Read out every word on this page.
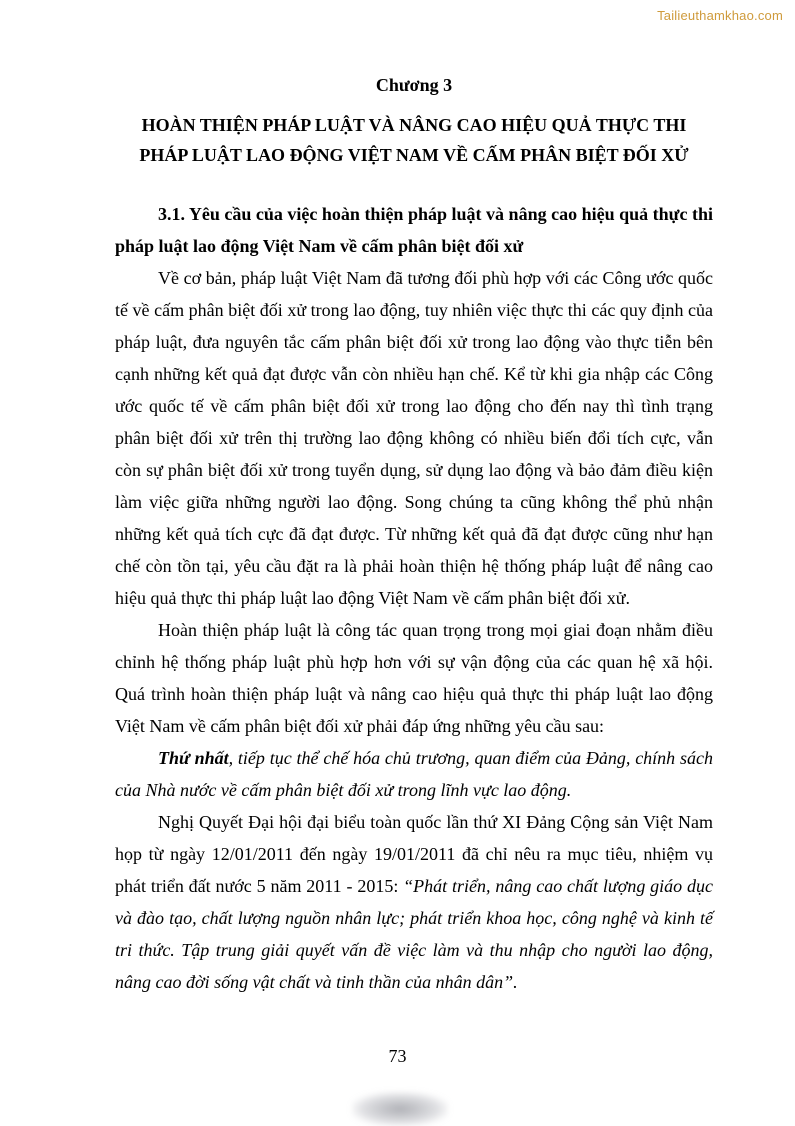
Tailieuthamkhao.com
Chương 3
HOÀN THIỆN PHÁP LUẬT VÀ NÂNG CAO HIỆU QUẢ THỰC THI
PHÁP LUẬT LAO ĐỘNG VIỆT NAM VỀ CẤM PHÂN BIỆT ĐỐI XỬ

3.1. Yêu cầu của việc hoàn thiện pháp luật và nâng cao hiệu quả thực thi pháp luật lao động Việt Nam về cấm phân biệt đối xử

Về cơ bản, pháp luật Việt Nam đã tương đối phù hợp với các Công ước quốc tế về cấm phân biệt đối xử trong lao động, tuy nhiên việc thực thi các quy định của pháp luật, đưa nguyên tắc cấm phân biệt đối xử trong lao động vào thực tiễn bên cạnh những kết quả đạt được vẫn còn nhiều hạn chế. Kể từ khi gia nhập các Công ước quốc tế về cấm phân biệt đối xử trong lao động cho đến nay thì tình trạng phân biệt đối xử trên thị trường lao động không có nhiều biến đổi tích cực, vẫn còn sự phân biệt đối xử trong tuyển dụng, sử dụng lao động và bảo đảm điều kiện làm việc giữa những người lao động. Song chúng ta cũng không thể phủ nhận những kết quả tích cực đã đạt được. Từ những kết quả đã đạt được cũng như hạn chế còn tồn tại, yêu cầu đặt ra là phải hoàn thiện hệ thống pháp luật để nâng cao hiệu quả thực thi pháp luật lao động Việt Nam về cấm phân biệt đối xử.

Hoàn thiện pháp luật là công tác quan trọng trong mọi giai đoạn nhằm điều chỉnh hệ thống pháp luật phù hợp hơn với sự vận động của các quan hệ xã hội. Quá trình hoàn thiện pháp luật và nâng cao hiệu quả thực thi pháp luật lao động Việt Nam về cấm phân biệt đối xử phải đáp ứng những yêu cầu sau:

Thứ nhất, tiếp tục thể chế hóa chủ trương, quan điểm của Đảng, chính sách của Nhà nước về cấm phân biệt đối xử trong lĩnh vực lao động.

Nghị Quyết Đại hội đại biểu toàn quốc lần thứ XI Đảng Cộng sản Việt Nam họp từ ngày 12/01/2011 đến ngày 19/01/2011 đã chỉ nêu ra mục tiêu, nhiệm vụ phát triển đất nước 5 năm 2011 - 2015: “Phát triển, nâng cao chất lượng giáo dục và đào tạo, chất lượng nguồn nhân lực; phát triển khoa học, công nghệ và kinh tế tri thức. Tập trung giải quyết vấn đề việc làm và thu nhập cho người lao động, nâng cao đời sống vật chất và tinh thần của nhân dân”.

73
